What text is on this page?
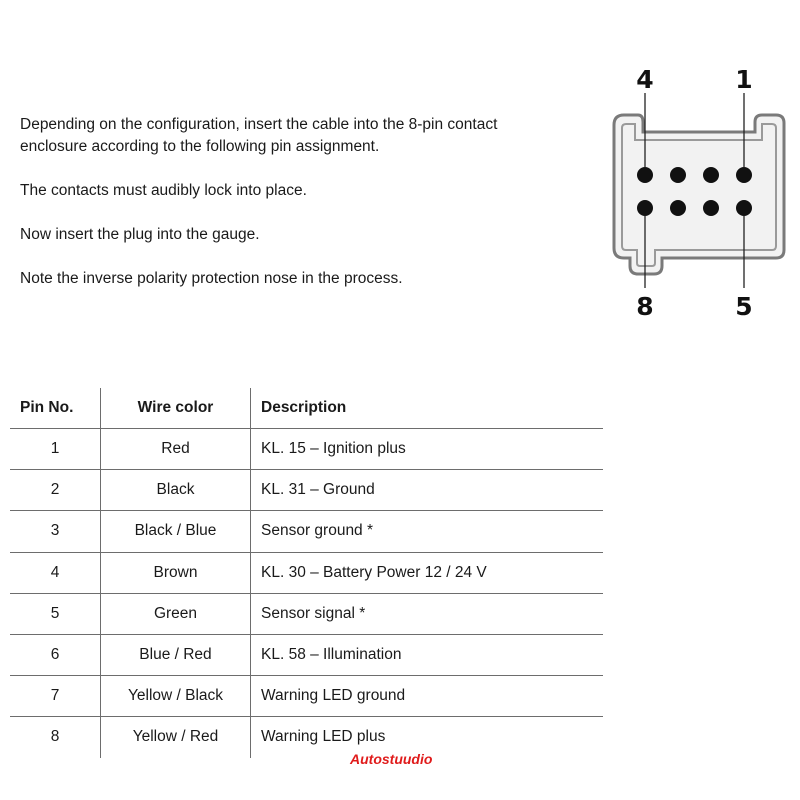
Depending on the configuration, insert the cable into the 8-pin contact

enclosure according to the following pin assignment.

The contacts must audibly lock into place.

Now insert the plug into the gauge.

Note the inverse polarity protection nose in the process.

4	1
8	5
Pin No.	Wire color	Description
1	Red	KL. 15 – Ignition plus
2	Black	KL. 31 – Ground
3	Black / Blue	Sensor ground *
4	Brown	KL. 30 – Battery Power 12 / 24 V
5	Green	Sensor signal *
6	Blue / Red	KL. 58 – Illumination
7	Yellow / Black	Warning LED ground
8	Yellow / Red	Warning LED plus
Autostuudio
